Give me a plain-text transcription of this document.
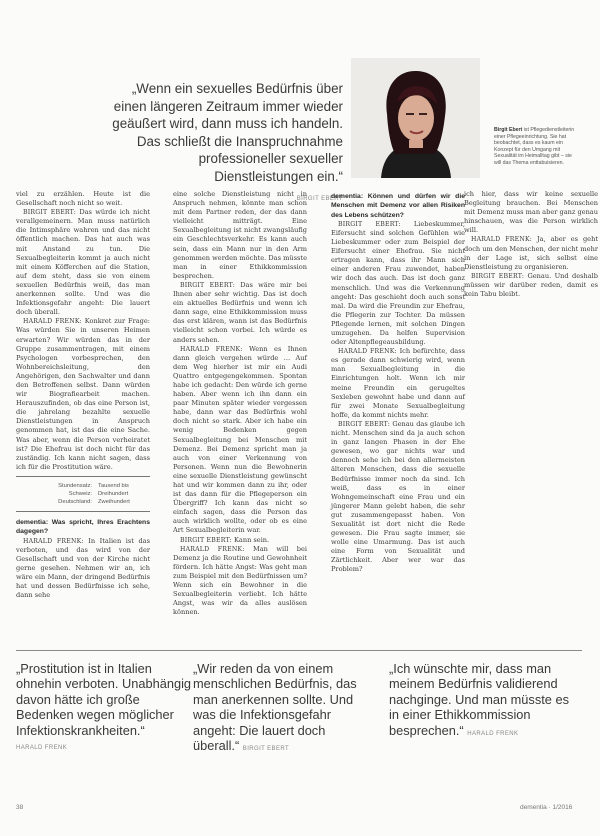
„Wenn ein sexuelles Bedürfnis über einen längeren Zeitraum immer wieder geäußert wird, dann muss ich handeln. Das schließt die Inanspruchnahme professioneller sexueller Dienstleistungen ein.“
BIRGIT EBERT
Birgit Ebert ist Pflegedienstleiterin einer Pflegeeinrichtung. Sie hat beobachtet, dass es kaum ein Konzept für den Umgang mit Sexualität im Heimalltag gibt – sie will das Thema enttabuisieren.

viel zu erzählen. Heute ist die Gesellschaft noch nicht so weit.

BIRGIT EBERT: Das würde ich nicht verallgemeinern. Man muss natürlich die Intimsphäre wahren und das nicht öffentlich machen. Das hat auch was mit Anstand zu tun. Die Sexualbegleiterin kommt ja auch nicht mit einem Köfferchen auf die Station, auf dem steht, dass sie von einem sexuellen Bedürfnis weiß, das man anerkennen sollte. Und was die Infektionsgefahr angeht: Die lauert doch überall.

HARALD FRENK: Konkret zur Frage: Was würden Sie in unseren Heimen erwarten? Wir würden das in der Gruppe zusammentragen, mit einem Psychologen vorbesprechen, den Wohnbereichsleitung, den Angehörigen, den Sachwalter und dann den Betroffenen selbst. Dann würden wir Biografiearbeit machen. Herauszufinden, ob das eine Person ist, die jahrelang bezahlte sexuelle Dienstleistungen in Anspruch genommen hat, ist das die eine Sache. Was aber, wenn die Person verheiratet ist? Die Ehefrau ist doch nicht für das zuständig. Ich kann nicht sagen, dass ich für die Prostitution wäre.

Stundensatz:	Tausend bis
Schweiz:	Dreihundert
Deutschland:	Zweihundert

dementia: Was spricht, Ihres Erachtens dagegen?

HARALD FRENK: In Italien ist das verboten, und das wird von der Gesellschaft und von der Kirche nicht gerne gesehen. Nehmen wir an, ich wäre ein Mann, der dringend Bedürfnis hat und dessen Bedürfnisse ich sehe, dann sehe

eine solche Dienstleistung nicht in Anspruch nehmen, könnte man schon mit dem Partner reden, der das dann vielleicht mitträgt. Eine Sexualbegleitung ist nicht zwangsläufig ein Geschlechtsverkehr. Es kann auch sein, dass ein Mann nur in den Arm genommen werden möchte. Das müsste man in einer Ethikkommission besprechen.

BIRGIT EBERT: Das wäre mir bei Ihnen aber sehr wichtig. Das ist doch ein aktuelles Bedürfnis und wenn ich dann sage, eine Ethikkommission muss das erst klären, wann ist das Bedürfnis vielleicht schon vorbei. Ich würde es anders sehen.

HARALD FRENK: Wenn es Ihnen dann gleich vergehen würde … Auf dem Weg hierher ist mir ein Audi Quattro entgegengekommen. Spontan habe ich gedacht: Den würde ich gerne haben. Aber wenn ich ihn dann ein paar Minuten später wieder vergessen habe, dann war das Bedürfnis wohl doch nicht so stark. Aber ich habe ein wenig Bedenken gegen Sexualbegleitung bei Menschen mit Demenz. Bei Demenz spricht man ja auch von einer Verkennung von Personen. Wenn nun die Bewohnerin eine sexuelle Dienstleistung gewünscht hat und wir kommen dann zu ihr, oder ist das dann für die Pflegeperson ein Übergriff? Ich kann das nicht so einfach sagen, dass die Person das auch wirklich wollte, oder ob es eine Art Sexualbegleiterin war.

BIRGIT EBERT: Kann sein.

HARALD FRENK: Man will bei Demenz ja die Routine und Gewohnheit fördern. Ich hätte Angst: Was geht man zum Beispiel mit den Bedürfnissen um? Wenn sich ein Bewohner in die Sexualbegleiterin verliebt. Ich hätte Angst, was wir da alles auslösen können.

dementia: Können und dürfen wir die Menschen mit Demenz vor allen Risiken des Lebens schützen?

BIRGIT EBERT: Liebeskummer, Eifersucht sind solchen Gefühlen wie Liebeskummer oder zum Beispiel der Eifersucht einer Ehefrau. Sie nicht ertragen kann, dass ihr Mann sich einer anderen Frau zuwendet, haben wir doch das auch. Das ist doch ganz menschlich. Und was die Verkennung angeht: Das geschieht doch auch sonst mal. Da wird die Freundin zur Ehefrau, die Pflegerin zur Tochter. Da müssen Pflegende lernen, mit solchen Dingen umzugehen. Da helfen Supervision oder Altenpflegeausbildung.

HARALD FRENK: Ich befürchte, dass es gerade dann schwierig wird, wenn man Sexualbegleitung in die Einrichtungen holt. Wenn ich mir meine Freundin ein gerugeltes Sexleben gewohnt habe und dann auf für zwei Monate Sexualbegleitung hoffe, da kommt nichts mehr.

BIRGIT EBERT: Genau das glaube ich nicht. Menschen sind da ja auch schon in ganz langen Phasen in der Ehe gewesen, wo gar nichts war und dennoch sehe ich bei den allermeisten älteren Menschen, dass die sexuelle Bedürfnisse immer noch da sind. Ich weiß, dass es in einer Wohngemeinschaft eine Frau und ein jüngerer Mann gelebt haben, die sehr gut zusammengepasst haben. Von Sexualität ist dort nicht die Rede gewesen. Die Frau sagte immer, sie wolle eine Umarmung. Das ist auch eine Form von Sexualität und Zärtlichkeit. Aber wer war das Problem?

ich hier, dass wir keine sexuelle Begleitung brauchen. Bei Menschen mit Demenz muss man aber ganz genau hinschauen, was die Person wirklich will.

HARALD FRENK: Ja, aber es geht doch um den Menschen, der nicht mehr in der Lage ist, sich selbst eine Dienstleistung zu organisieren.

BIRGIT EBERT: Genau. Und deshalb müssen wir darüber reden, damit es kein Tabu bleibt.

„Prostitution ist in Italien ohnehin verboten. Unabhängig davon hätte ich große Bedenken wegen möglicher Infektionskrankheiten.“
HARALD FRENK
„Wir reden da von einem menschlichen Bedürfnis, das man anerkennen sollte. Und was die Infektionsgefahr angeht: Die lauert doch überall.“ BIRGIT EBERT
„Ich wünschte mir, dass man meinem Bedürfnis validierend nachginge. Und man müsste es in einer Ethikkommission besprechen.“ HARALD FRENK
38	dementia · 1/2016
